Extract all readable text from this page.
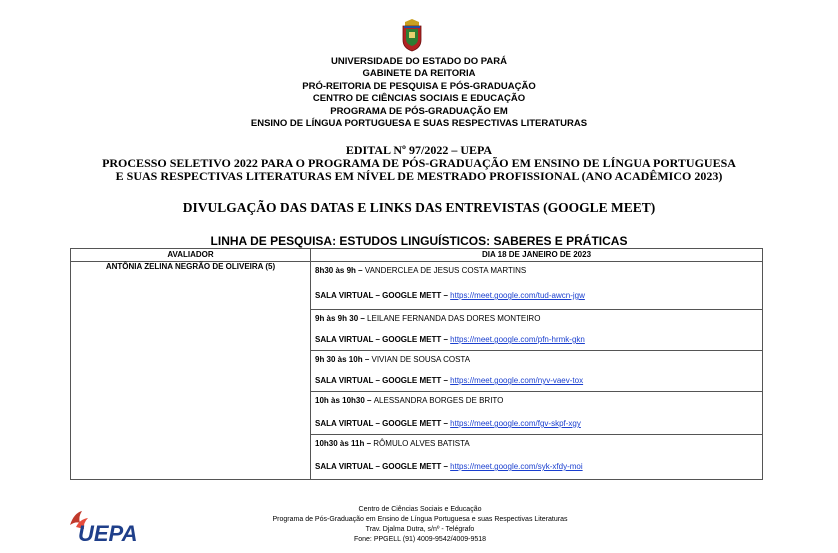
UNIVERSIDADE DO ESTADO DO PARÁ
GABINETE DA REITORIA
PRÓ-REITORIA DE PESQUISA E PÓS-GRADUAÇÃO
CENTRO DE CIÊNCIAS SOCIAIS E EDUCAÇÃO
PROGRAMA DE PÓS-GRADUAÇÃO EM
ENSINO DE LÍNGUA PORTUGUESA E SUAS RESPECTIVAS LITERATURAS
EDITAL Nº 97/2022 – UEPA
PROCESSO SELETIVO 2022 PARA O PROGRAMA DE PÓS-GRADUAÇÃO EM ENSINO DE LÍNGUA PORTUGUESA
E SUAS RESPECTIVAS LITERATURAS EM NÍVEL DE MESTRADO PROFISSIONAL (ANO ACADÊMICO 2023)
DIVULGAÇÃO DAS DATAS E LINKS DAS ENTREVISTAS (GOOGLE MEET)
LINHA DE PESQUISA: ESTUDOS LINGUÍSTICOS: SABERES E PRÁTICAS
AVALIADOR	DIA 18 DE JANEIRO DE 2023
ANTÔNIA ZELINA NEGRÃO DE OLIVEIRA (5)	8h30 às 9h – VANDERCLEA DE JESUS COSTA MARTINS
SALA VIRTUAL – GOOGLE METT – https://meet.google.com/tud-awcn-jgw

	9h às 9h 30 – LEILANE FERNANDA DAS DORES MONTEIRO
SALA VIRTUAL – GOOGLE METT – https://meet.google.com/pfn-hrmk-gkn

	9h 30 às 10h – VIVIAN DE SOUSA COSTA
SALA VIRTUAL – GOOGLE METT – https://meet.google.com/nyv-vaev-tox

	10h às 10h30 – ALESSANDRA BORGES DE BRITO
SALA VIRTUAL – GOOGLE METT – https://meet.google.com/fgv-skpf-xgy

	10h30 às 11h – RÔMULO ALVES BATISTA
SALA VIRTUAL – GOOGLE METT – https://meet.google.com/syk-xfdy-moi
UEPA
Centro de Ciências Sociais e Educação
Programa de Pós-Graduação em Ensino de Língua Portuguesa e suas Respectivas Literaturas
Trav. Djalma Dutra, s/nº - Telégrafo
Fone: PPGELL (91) 4009-9542/4009-9518
